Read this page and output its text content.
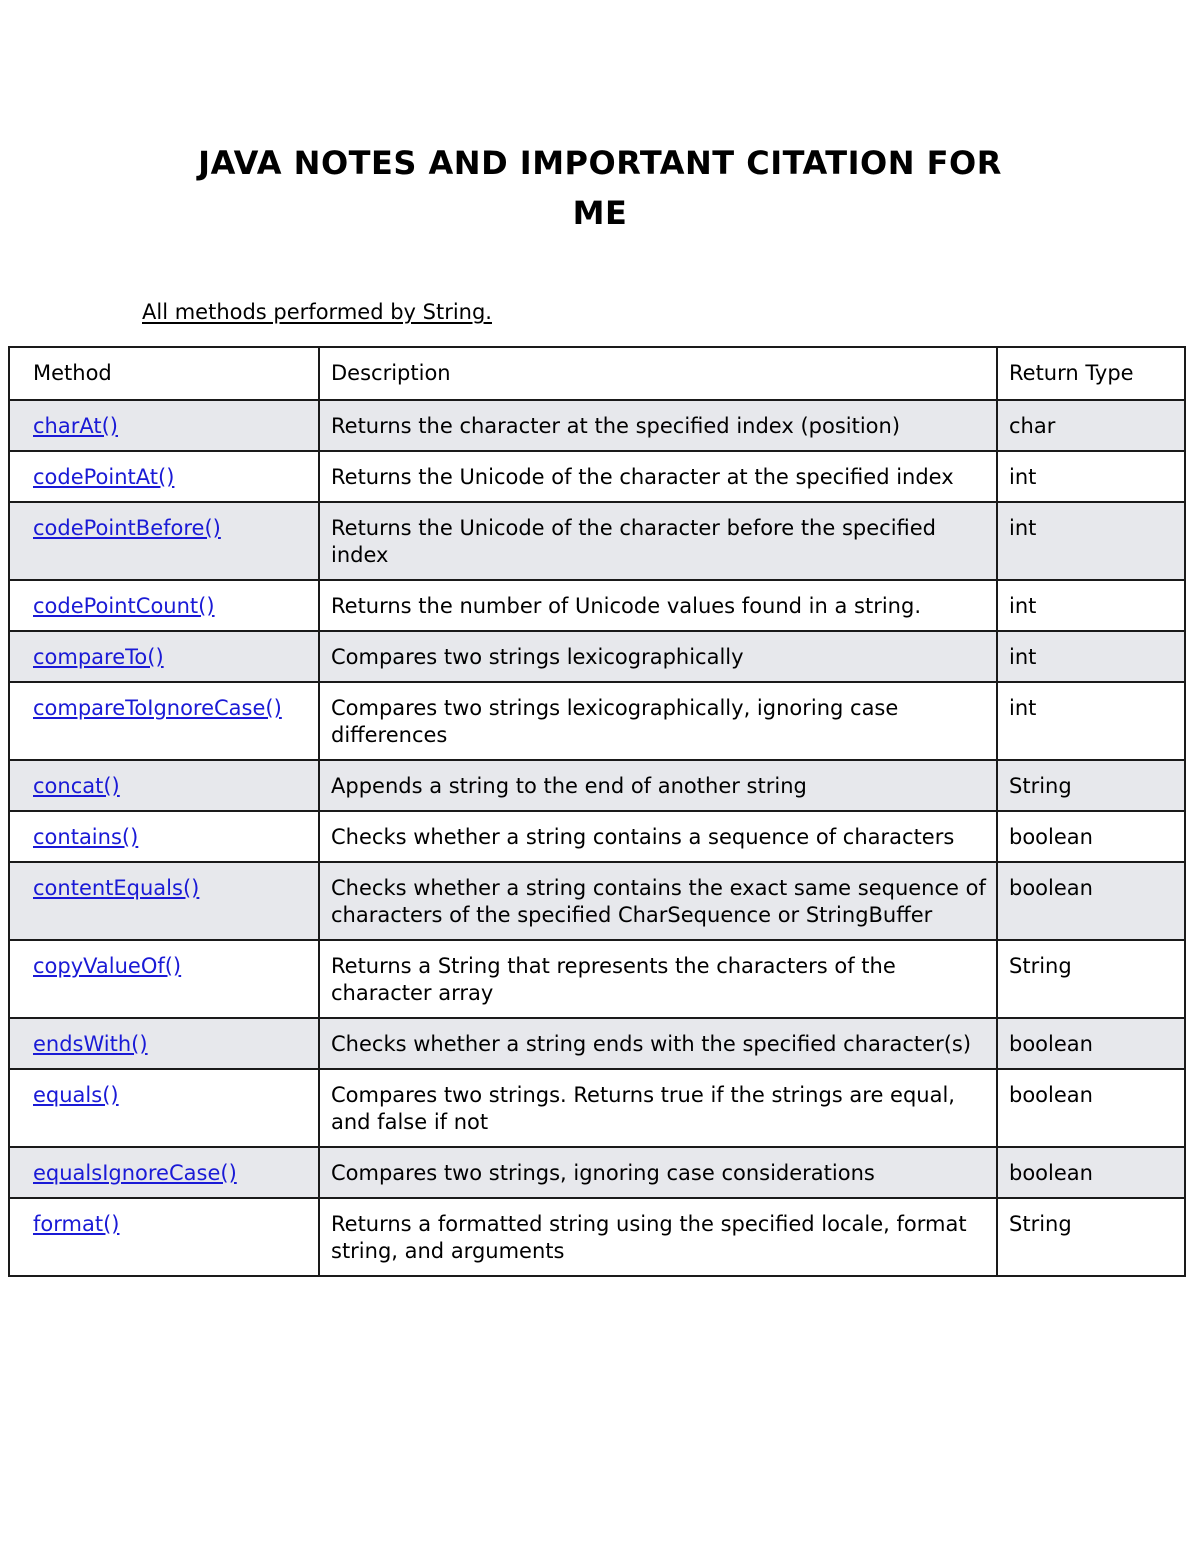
JAVA NOTES AND IMPORTANT CITATION FOR
ME
All methods performed by String.
Method	Description	Return Type
charAt()	Returns the character at the specified index (position)	char
codePointAt()	Returns the Unicode of the character at the specified index	int
codePointBefore()	Returns the Unicode of the character before the specified index	int
codePointCount()	Returns the number of Unicode values found in a string.	int
compareTo()	Compares two strings lexicographically	int
compareToIgnoreCase()	Compares two strings lexicographically, ignoring case differences	int
concat()	Appends a string to the end of another string	String
contains()	Checks whether a string contains a sequence of characters	boolean
contentEquals()	Checks whether a string contains the exact same sequence of characters of the specified CharSequence or StringBuffer	boolean
copyValueOf()	Returns a String that represents the characters of the character array	String
endsWith()	Checks whether a string ends with the specified character(s)	boolean
equals()	Compares two strings. Returns true if the strings are equal, and false if not	boolean
equalsIgnoreCase()	Compares two strings, ignoring case considerations	boolean
format()	Returns a formatted string using the specified locale, format string, and arguments	String
